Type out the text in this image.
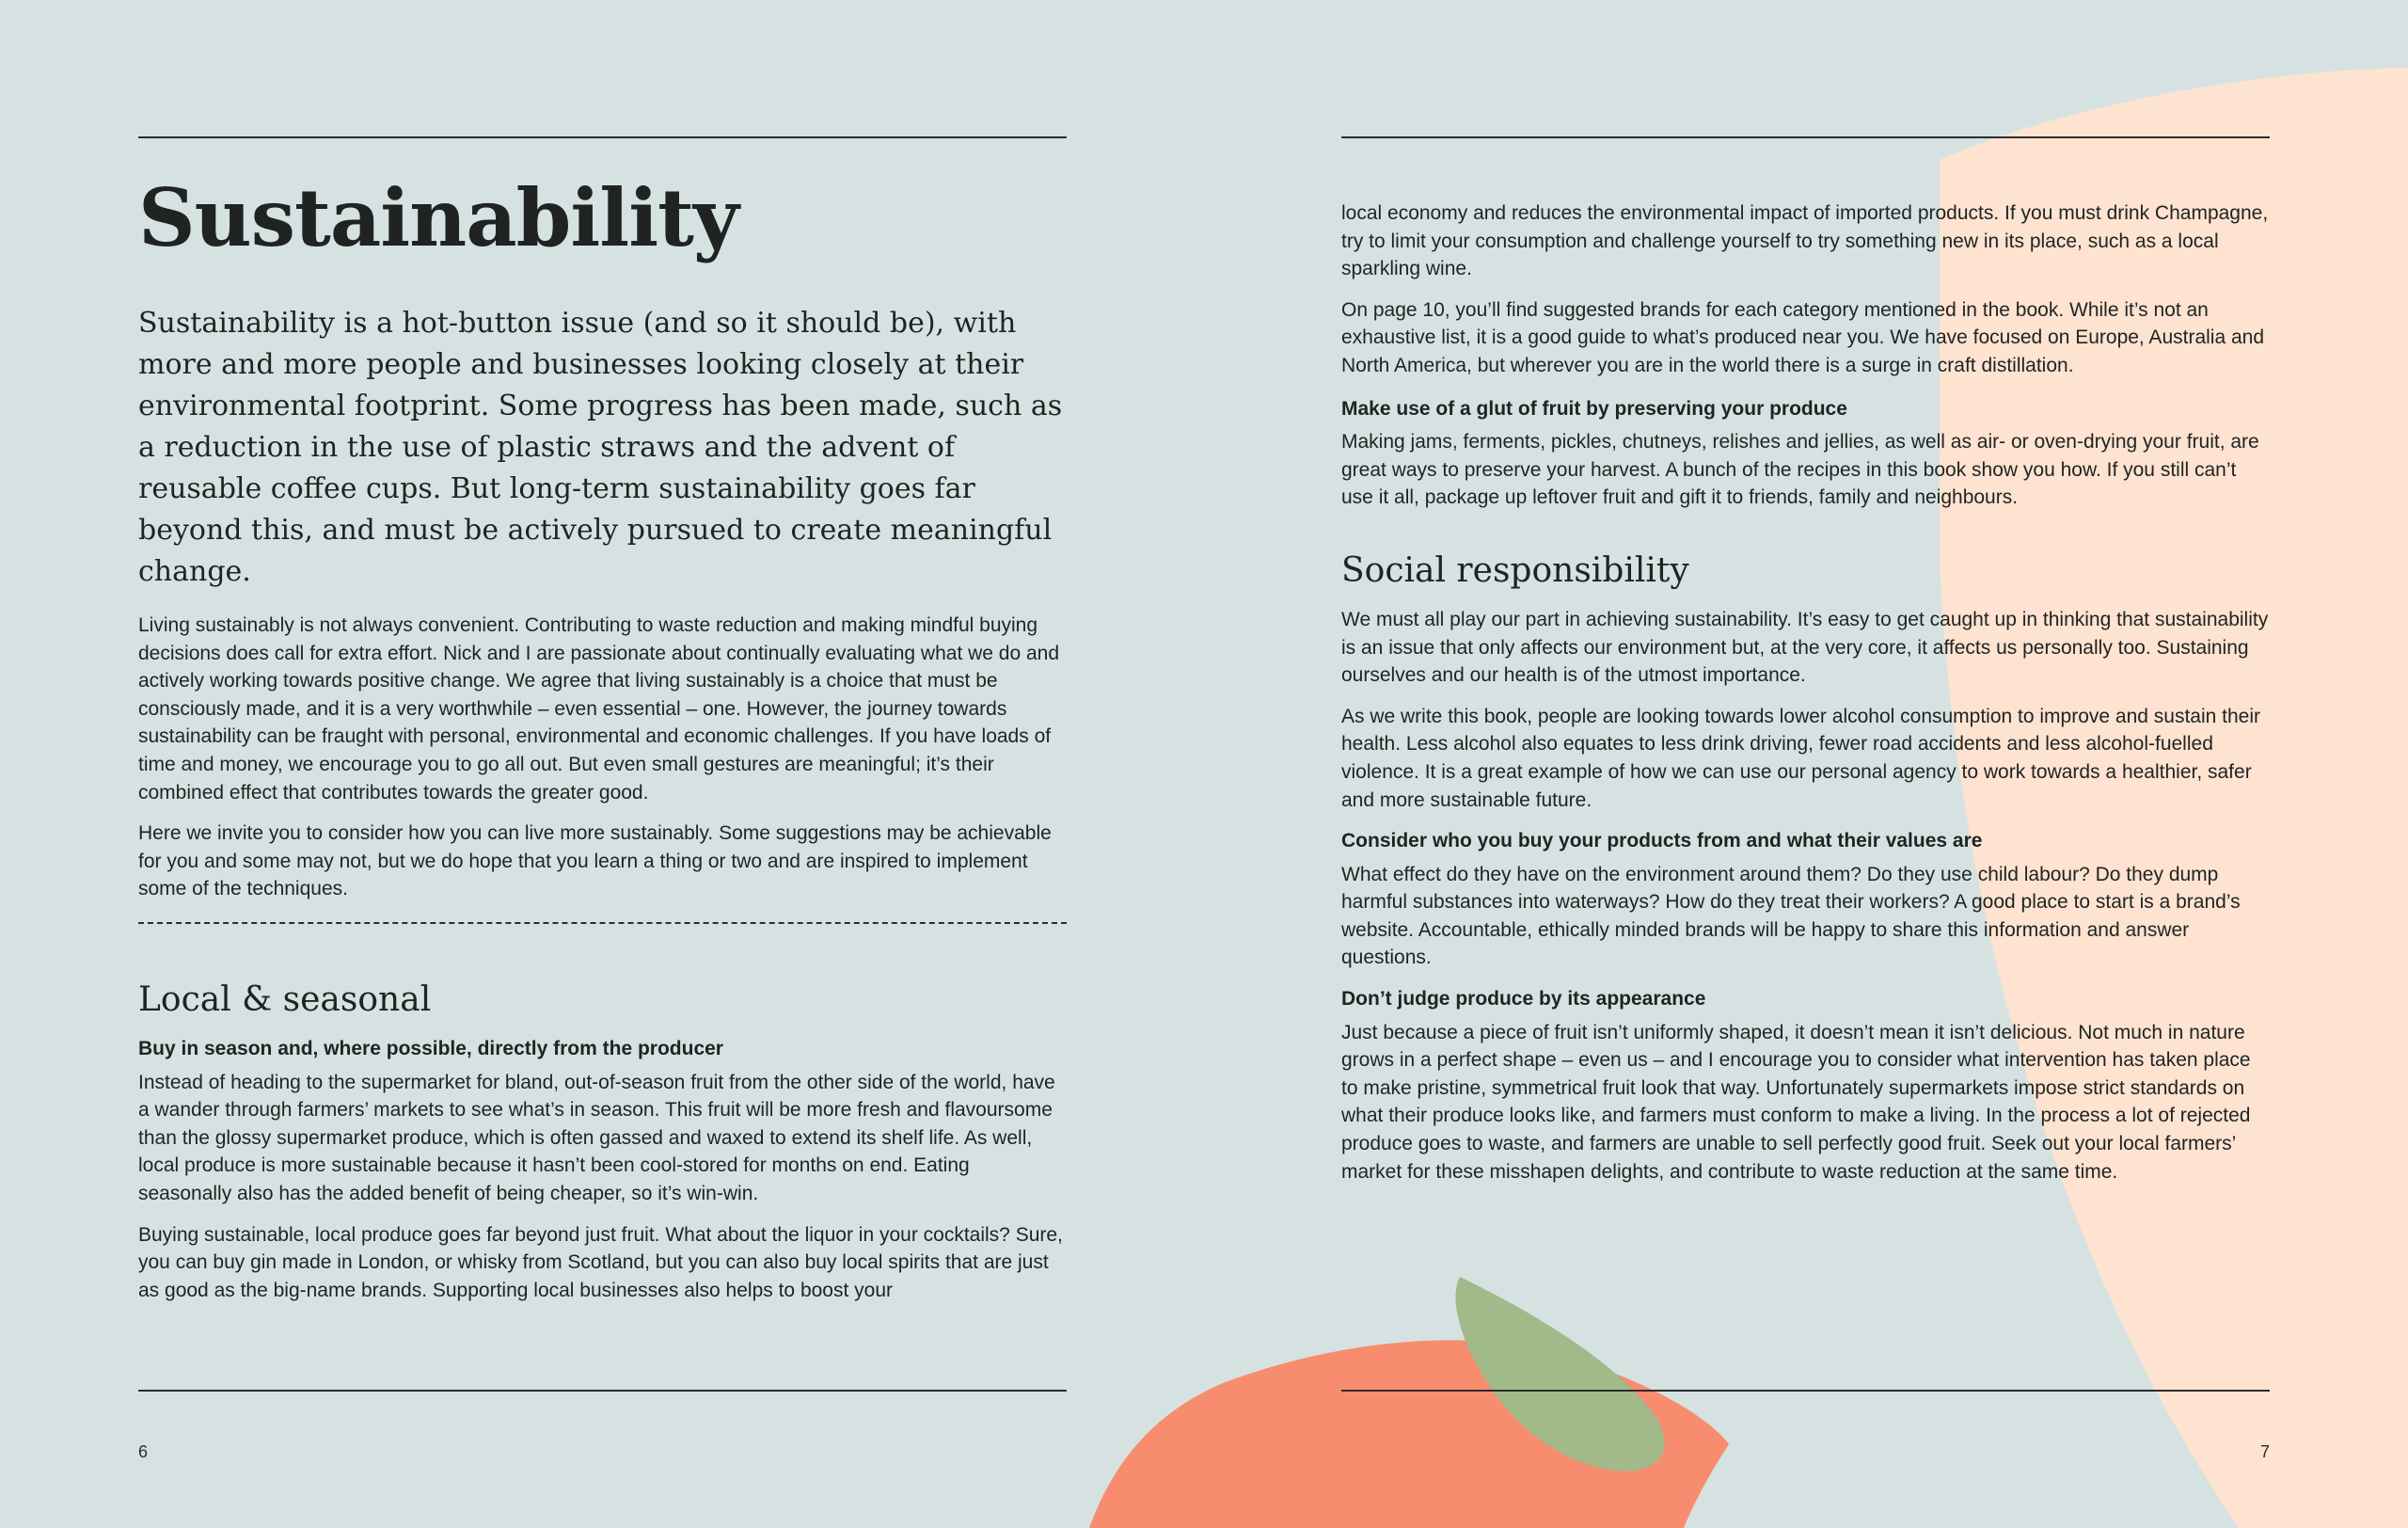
Sustainability

Sustainability is a hot-button issue (and so it should be), with more and more people and businesses looking closely at their environmental footprint. Some progress has been made, such as a reduction in the use of plastic straws and the advent of reusable coffee cups. But long-term sustainability goes far beyond this, and must be actively pursued to create meaningful change.

Living sustainably is not always convenient. Contributing to waste reduction and making mindful buying decisions does call for extra effort. Nick and I are passionate about continually evaluating what we do and actively working towards positive change. We agree that living sustainably is a choice that must be consciously made, and it is a very worthwhile – even essential – one. However, the journey towards sustainability can be fraught with personal, environmental and economic challenges. If you have loads of time and money, we encourage you to go all out. But even small gestures are meaningful; it’s their combined effect that contributes towards the greater good.

Here we invite you to consider how you can live more sustainably. Some suggestions may be achievable for you and some may not, but we do hope that you learn a thing or two and are inspired to implement some of the techniques.

Local & seasonal
Buy in season and, where possible, directly from the producer

Instead of heading to the supermarket for bland, out-of-season fruit from the other side of the world, have a wander through farmers’ markets to see what’s in season. This fruit will be more fresh and flavoursome than the glossy supermarket produce, which is often gassed and waxed to extend its shelf life. As well, local produce is more sustainable because it hasn’t been cool-stored for months on end. Eating seasonally also has the added benefit of being cheaper, so it’s win-win.

Buying sustainable, local produce goes far beyond just fruit. What about the liquor in your cocktails? Sure, you can buy gin made in London, or whisky from Scotland, but you can also buy local spirits that are just as good as the big-name brands. Supporting local businesses also helps to boost your

6

local economy and reduces the environmental impact of imported products. If you must drink Champagne, try to limit your consumption and challenge yourself to try something new in its place, such as a local sparkling wine.

On page 10, you’ll find suggested brands for each category mentioned in the book. While it’s not an exhaustive list, it is a good guide to what’s produced near you. We have focused on Europe, Australia and North America, but wherever you are in the world there is a surge in craft distillation.

Make use of a glut of fruit by preserving your produce

Making jams, ferments, pickles, chutneys, relishes and jellies, as well as air- or oven-drying your fruit, are great ways to preserve your harvest. A bunch of the recipes in this book show you how. If you still can’t use it all, package up leftover fruit and gift it to friends, family and neighbours.

Social responsibility

We must all play our part in achieving sustainability. It’s easy to get caught up in thinking that sustainability is an issue that only affects our environment but, at the very core, it affects us personally too. Sustaining ourselves and our health is of the utmost importance.

As we write this book, people are looking towards lower alcohol consumption to improve and sustain their health. Less alcohol also equates to less drink driving, fewer road accidents and less alcohol-fuelled violence. It is a great example of how we can use our personal agency to work towards a healthier, safer and more sustainable future.

Consider who you buy your products from and what their values are

What effect do they have on the environment around them? Do they use child labour? Do they dump harmful substances into waterways? How do they treat their workers? A good place to start is a brand’s website. Accountable, ethically minded brands will be happy to share this information and answer questions.

Don’t judge produce by its appearance

Just because a piece of fruit isn’t uniformly shaped, it doesn’t mean it isn’t delicious. Not much in nature grows in a perfect shape – even us – and I encourage you to consider what intervention has taken place to make pristine, symmetrical fruit look that way. Unfortunately supermarkets impose strict standards on what their produce looks like, and farmers must conform to make a living. In the process a lot of rejected produce goes to waste, and farmers are unable to sell perfectly good fruit. Seek out your local farmers’ market for these misshapen delights, and contribute to waste reduction at the same time.

7
